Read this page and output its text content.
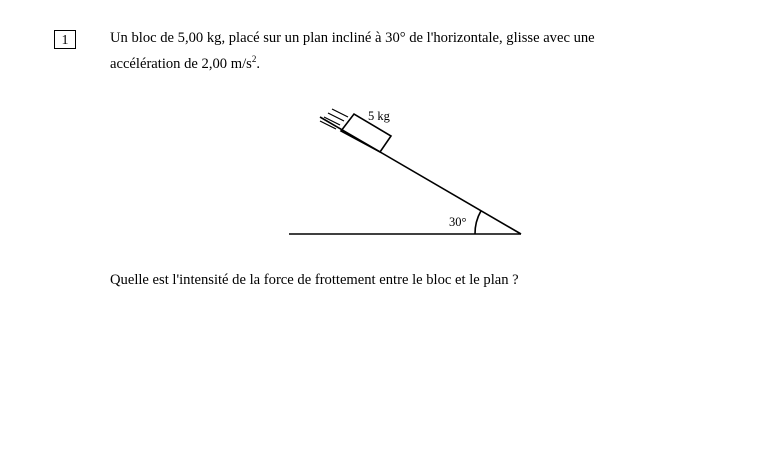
1	Un bloc de 5,00 kg, placé sur un plan incliné à 30° de l'horizontale, glisse avec une
accélération de 2,00 $m/s^2$.
5 kg
30°
Quelle est l'intensité de la force de frottement entre le bloc et le plan ?
